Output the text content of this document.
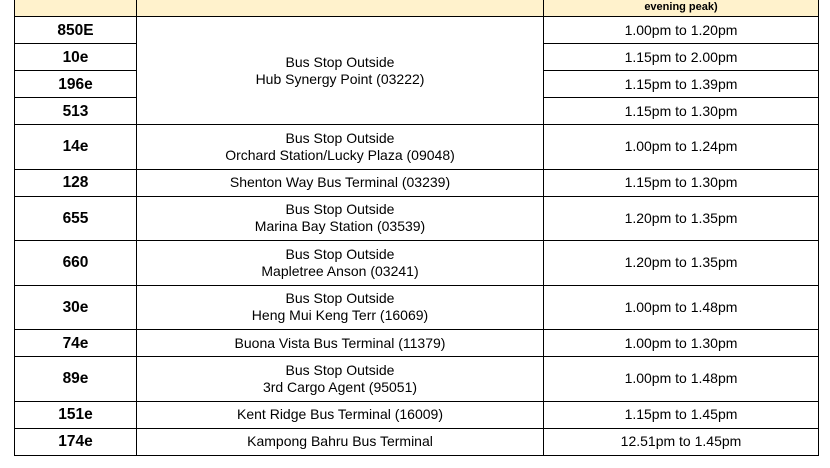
		evening peak)
850E	Bus Stop Outside
Hub Synergy Point (03222)	1.00pm to 1.20pm
10e		1.15pm to 2.00pm
196e		1.15pm to 1.39pm
513		1.15pm to 1.30pm
14e	Bus Stop Outside
Orchard Station/Lucky Plaza (09048)	1.00pm to 1.24pm
128	Shenton Way Bus Terminal (03239)	1.15pm to 1.30pm
655	Bus Stop Outside
Marina Bay Station (03539)	1.20pm to 1.35pm
660	Bus Stop Outside
Mapletree Anson (03241)	1.20pm to 1.35pm
30e	Bus Stop Outside
Heng Mui Keng Terr (16069)	1.00pm to 1.48pm
74e	Buona Vista Bus Terminal (11379)	1.00pm to 1.30pm
89e	Bus Stop Outside
3rd Cargo Agent (95051)	1.00pm to 1.48pm
151e	Kent Ridge Bus Terminal (16009)	1.15pm to 1.45pm
174e	Kampong Bahru Bus Terminal	12.51pm to 1.45pm
